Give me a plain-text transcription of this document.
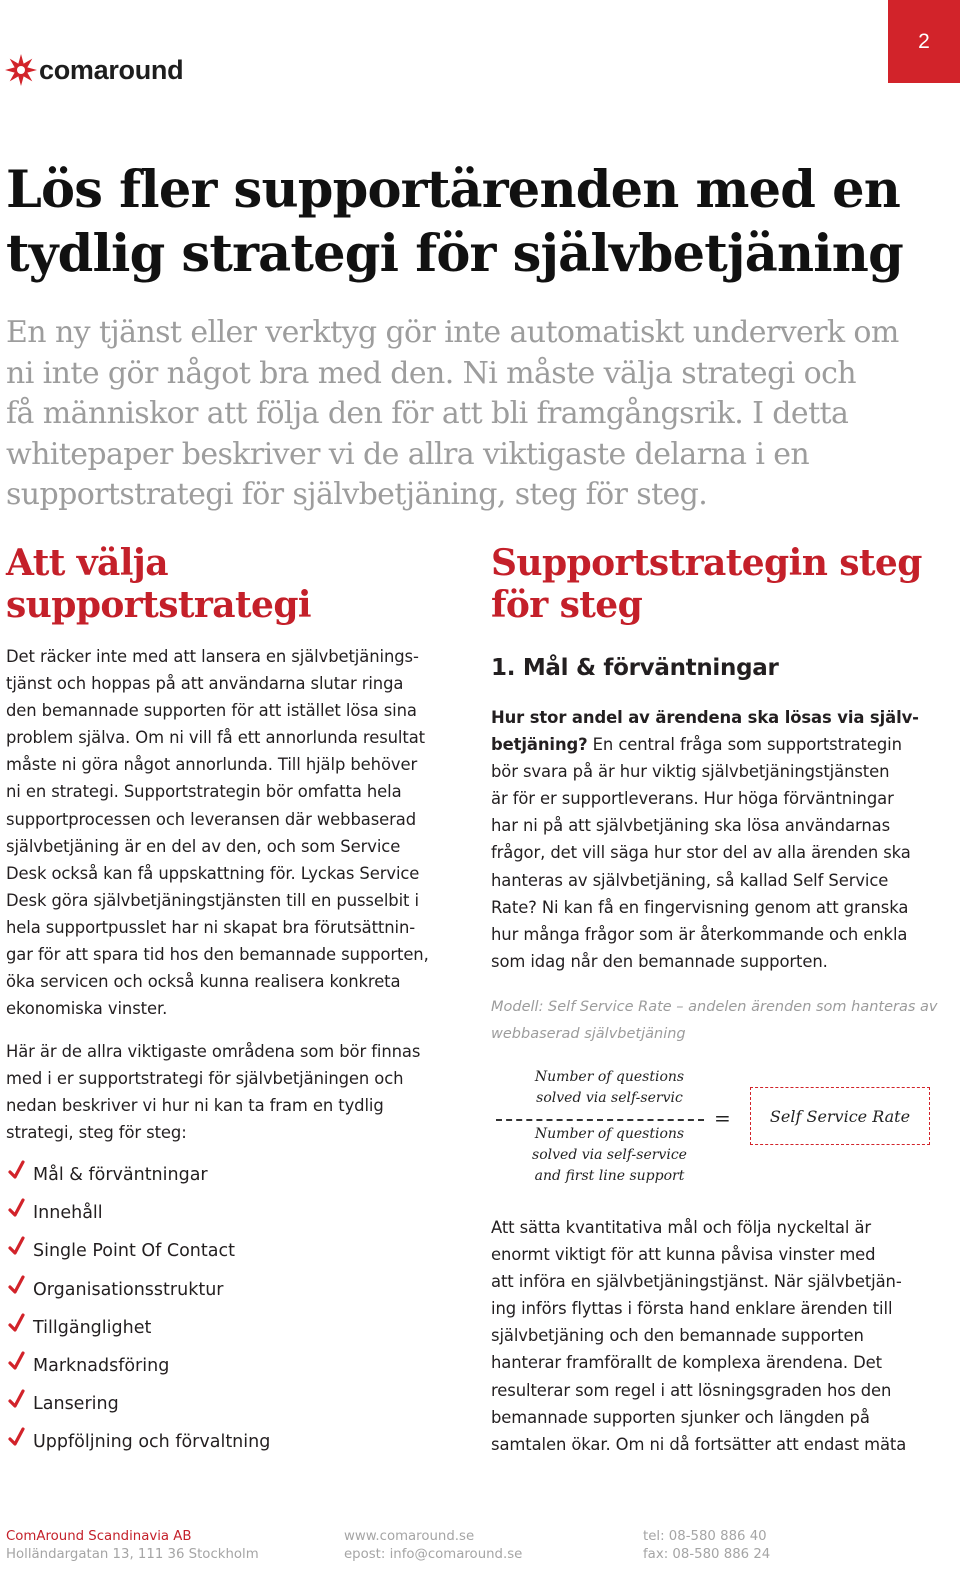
2
comaround
Lös fler supportärenden med en
tydlig strategi för självbetjäning
En ny tjänst eller verktyg gör inte automatiskt underverk om
ni inte gör något bra med den. Ni måste välja strategi och
få människor att följa den för att bli framgångsrik. I detta
whitepaper beskriver vi de allra viktigaste delarna i en
supportstrategi för självbetjäning, steg för steg.
Att välja
supportstrategi
Det räcker inte med att lansera en självbetjänings-
tjänst och hoppas på att användarna slutar ringa
den bemannade supporten för att istället lösa sina
problem själva. Om ni vill få ett annorlunda resultat
måste ni göra något annorlunda. Till hjälp behöver
ni en strategi. Supportstrategin bör omfatta hela
supportprocessen och leveransen där webbaserad
självbetjäning är en del av den, och som Service
Desk också kan få uppskattning för. Lyckas Service
Desk göra självbetjäningstjänsten till en pusselbit i
hela supportpusslet har ni skapat bra förutsättnin-
gar för att spara tid hos den bemannade supporten,
öka servicen och också kunna realisera konkreta
ekonomiska vinster.
Här är de allra viktigaste områdena som bör finnas
med i er supportstrategi för självbetjäningen och
nedan beskriver vi hur ni kan ta fram en tydlig
strategi, steg för steg:
Mål & förväntningar
Innehåll
Single Point Of Contact
Organisationsstruktur
Tillgänglighet
Marknadsföring
Lansering
Uppföljning och förvaltning
Supportstrategin steg
för steg
1. Mål & förväntningar
Hur stor andel av ärendena ska lösas via själv-
betjäning? En central fråga som supportstrategin
bör svara på är hur viktig självbetjäningstjänsten
är för er supportleverans. Hur höga förväntningar
har ni på att självbetjäning ska lösa användarnas
frågor, det vill säga hur stor del av alla ärenden ska
hanteras av självbetjäning, så kallad Self Service
Rate? Ni kan få en fingervisning genom att granska
hur många frågor som är återkommande och enkla
som idag når den bemannade supporten.
Modell: Self Service Rate – andelen ärenden som hanteras av
webbaserad självbetjäning
Number of questions
solved via self-servic
Number of questions
solved via self-service
and first line support
= Self Service Rate
Att sätta kvantitativa mål och följa nyckeltal är
enormt viktigt för att kunna påvisa vinster med
att införa en självbetjäningstjänst. När självbetjän-
ing införs flyttas i första hand enklare ärenden till
självbetjäning och den bemannade supporten
hanterar framförallt de komplexa ärendena. Det
resulterar som regel i att lösningsgraden hos den
bemannade supporten sjunker och längden på
samtalen ökar. Om ni då fortsätter att endast mäta
ComAround Scandinavia AB
Holländargatan 13, 111 36 Stockholm
www.comaround.se
epost: info@comaround.se
tel: 08-580 886 40
fax: 08-580 886 24
